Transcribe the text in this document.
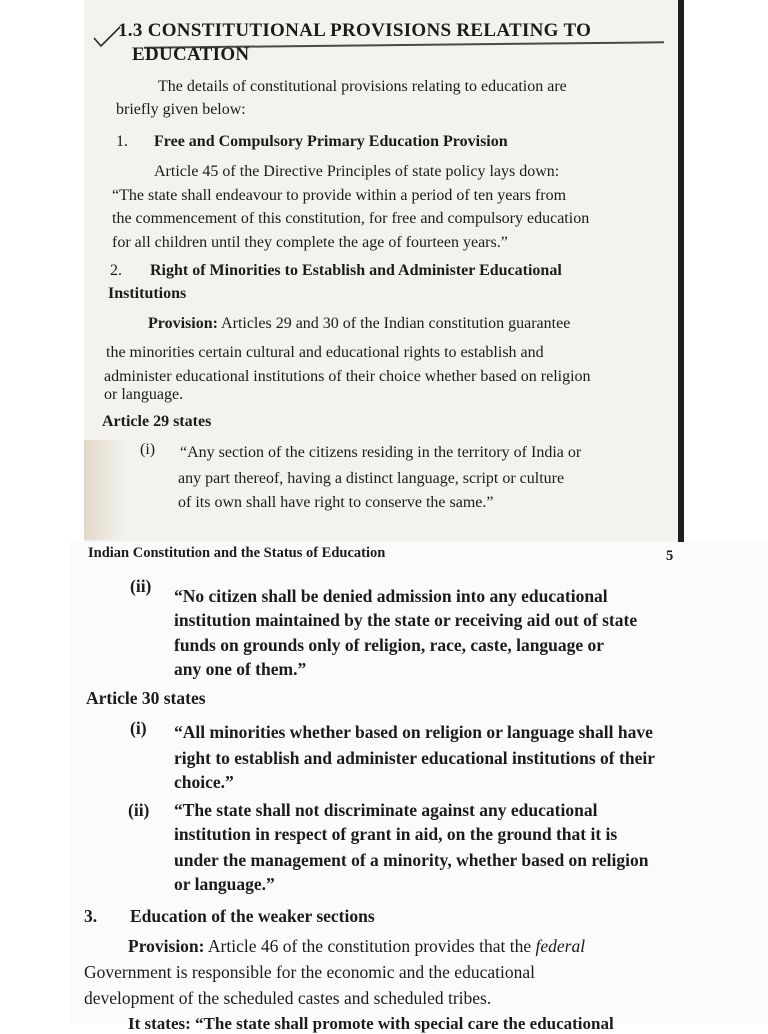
1.3 CONSTITUTIONAL PROVISIONS RELATING TO
EDUCATION
The details of constitutional provisions relating to education are
briefly given below:
1. Free and Compulsory Primary Education Provision
Article 45 of the Directive Principles of state policy lays down:
“The state shall endeavour to provide within a period of ten years from
the commencement of this constitution, for free and compulsory education
for all children until they complete the age of fourteen years.”
2. Right of Minorities to Establish and Administer Educational
Institutions
Provision: Articles 29 and 30 of the Indian constitution guarantee
the minorities certain cultural and educational rights to establish and
administer educational institutions of their choice whether based on religion
or language.
Article 29 states
(i) “Any section of the citizens residing in the territory of India or
any part thereof, having a distinct language, script or culture
of its own shall have right to conserve the same.”
Indian Constitution and the Status of Education	5
(ii) “No citizen shall be denied admission into any educational
institution maintained by the state or receiving aid out of state
funds on grounds only of religion, race, caste, language or
any one of them.”
Article 30 states
(i) “All minorities whether based on religion or language shall have
right to establish and administer educational institutions of their
choice.”
(ii) “The state shall not discriminate against any educational
institution in respect of grant in aid, on the ground that it is
under the management of a minority, whether based on religion
or language.”
3. Education of the weaker sections
Provision: Article 46 of the constitution provides that the federal
Government is responsible for the economic and the educational
development of the scheduled castes and scheduled tribes.
It states: “The state shall promote with special care the educational
